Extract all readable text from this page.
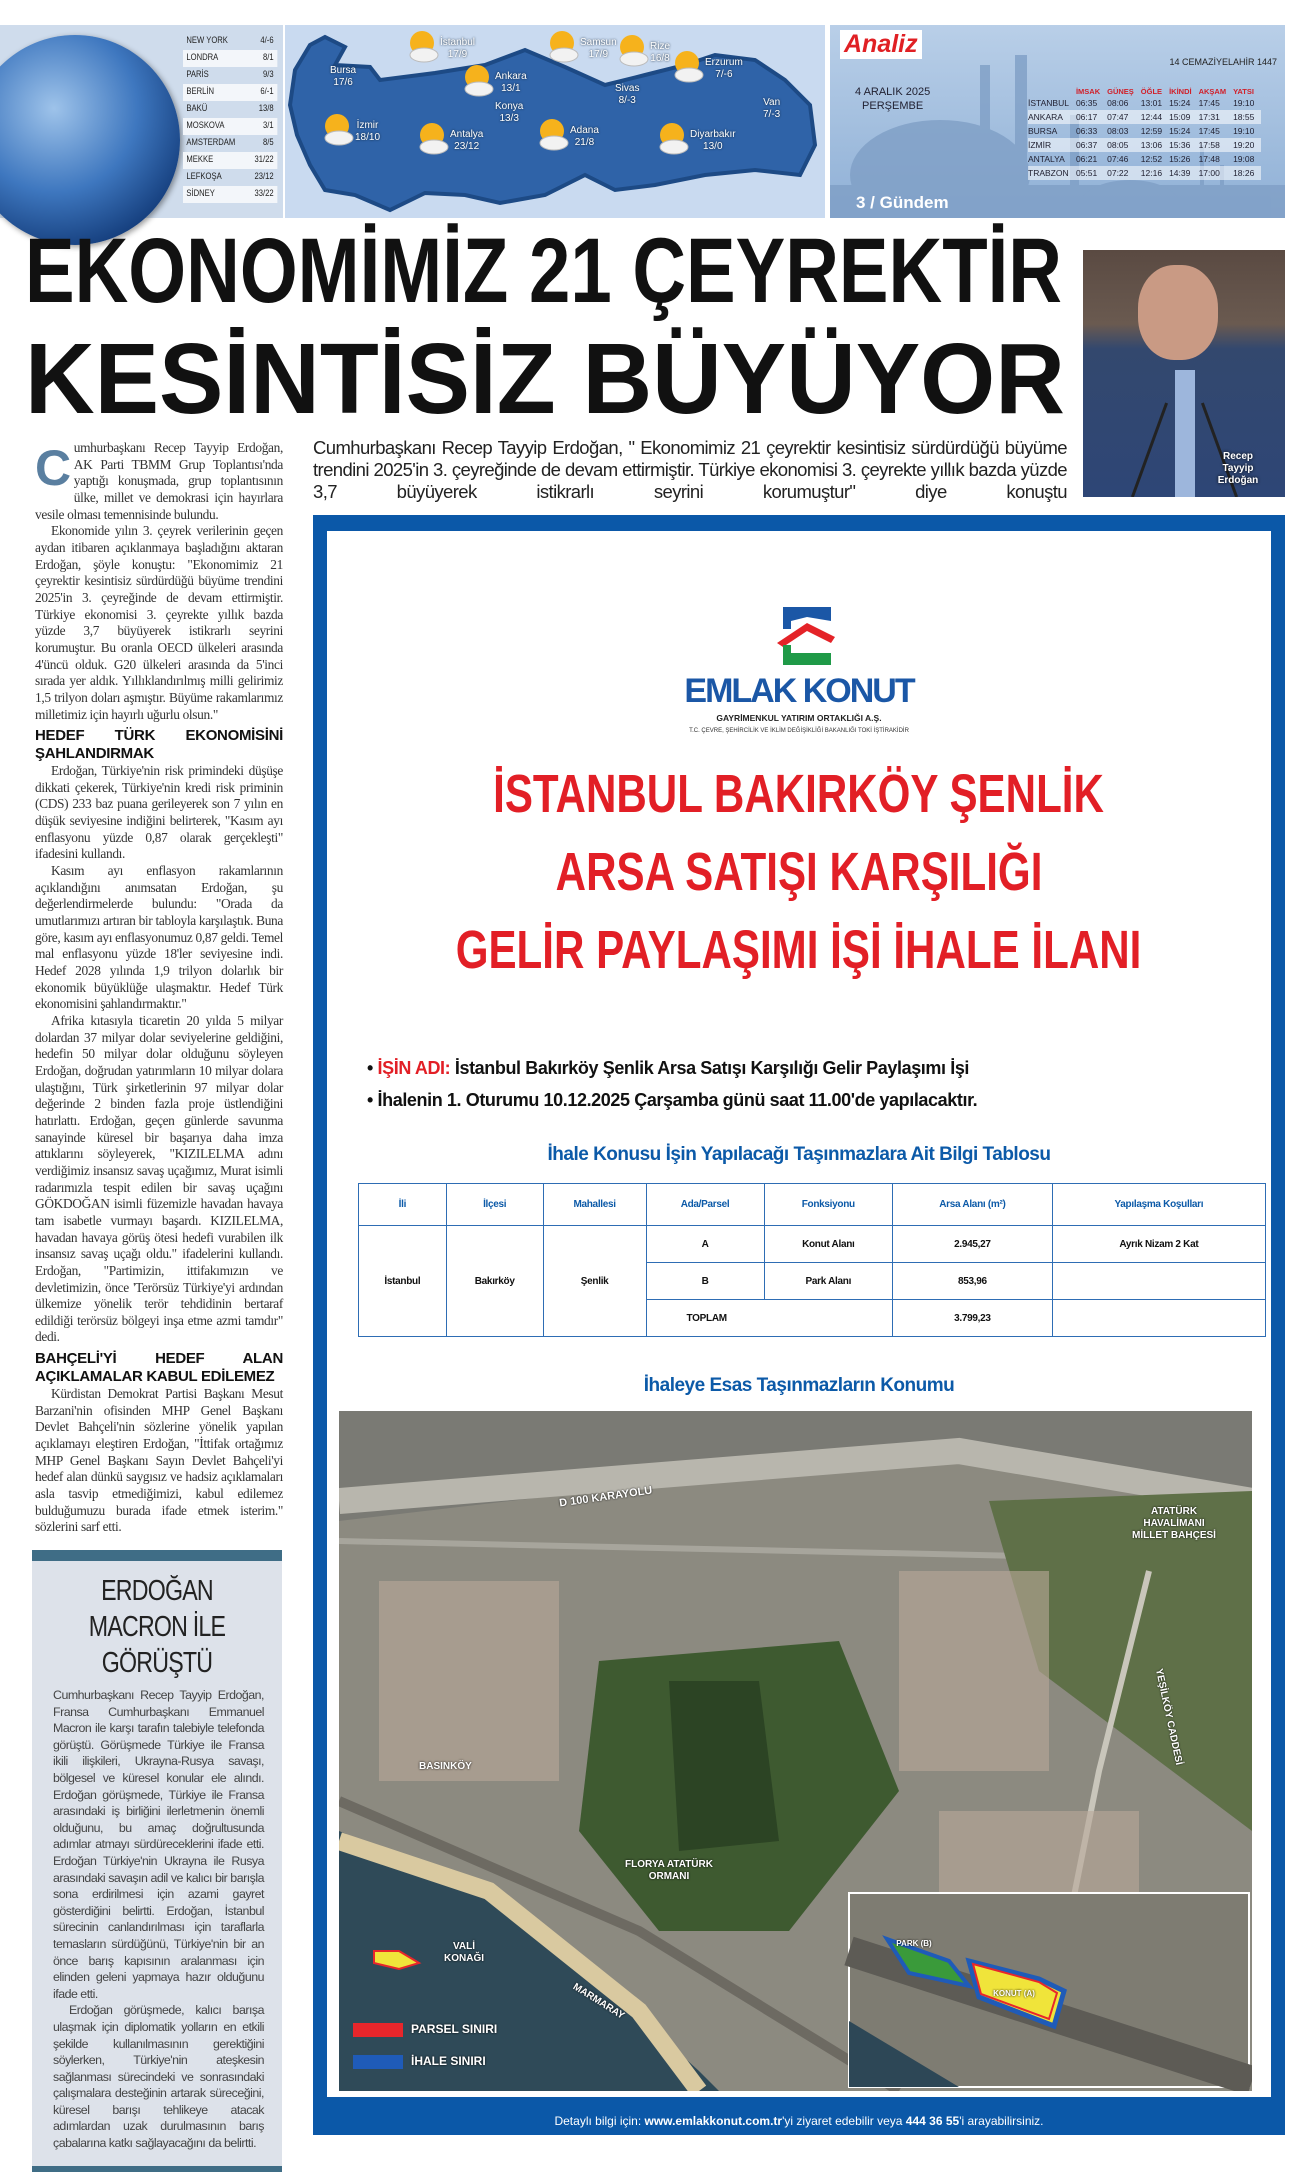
NEW YORK	4/-6
LONDRA	8/1
PARİS	9/3
BERLİN	6/-1
BAKÜ	13/8
MOSKOVA	3/1
AMSTERDAM	8/5
MEKKE	31/22
LEFKOŞA	23/12
SİDNEY	33/22
İstanbul
17/9
Samsun
17/9
Rize
16/8
Bursa
17/6
Ankara
13/1
Konya
13/3
Sivas
8/-3
Erzurum
7/-6
Van
7/-3
İzmir
18/10	Antalya
23/12
Adana
21/8
Diyarbakır
13/0
Analiz
4 ARALIK 2025
PERŞEMBE
3 / Gündem
14 CEMAZİYELAHİR 1447
	İMSAK	GÜNEŞ	ÖĞLE	İKİNDİ	AKŞAM	YATSI
İSTANBUL	06:35	08:06	13:01	15:24	17:45	19:10
ANKARA	06:17	07:47	12:44	15:09	17:31	18:55
BURSA	06:33	08:03	12:59	15:24	17:45	19:10
İZMİR	06:37	08:05	13:06	15:36	17:58	19:20
ANTALYA	06:21	07:46	12:52	15:26	17:48	19:08
TRABZON	05:51	07:22	12:16	14:39	17:00	18:26
EKONOMİMİZ 21 ÇEYREKTİR
KESİNTİSİZ BÜYÜYOR
Recep Tayyip Erdoğan
Cumhurbaşkanı Recep Tayyip Erdoğan, " Ekonomimiz 21 çeyrektir kesintisiz sürdürdüğü büyüme trendini 2025'in 3. çeyreğinde de devam ettirmiştir. Türkiye ekonomisi 3. çeyrekte yıllık bazda yüzde 3,7 büyüyerek istikrarlı seyrini korumuştur" diye konuştu

Cumhurbaşkanı Recep Tayyip Erdoğan, AK Parti TBMM Grup Toplantısı'nda yaptığı konuşmada, grup toplantısının ülke, millet ve demokrasi için hayırlara vesile olması temennisinde bulundu.

Ekonomide yılın 3. çeyrek verilerinin geçen aydan itibaren açıklanmaya başladığını aktaran Erdoğan, şöyle konuştu: "Ekonomimiz 21 çeyrektir kesintisiz sürdürdüğü büyüme trendini 2025'in 3. çeyreğinde de devam ettirmiştir. Türkiye ekonomisi 3. çeyrekte yıllık bazda yüzde 3,7 büyüyerek istikrarlı seyrini korumuştur. Bu oranla OECD ülkeleri arasında 4'üncü olduk. G20 ülkeleri arasında da 5'inci sırada yer aldık. Yıllıklandırılmış milli gelirimiz 1,5 trilyon doları aşmıştır. Büyüme rakamlarımız milletimiz için hayırlı uğurlu olsun."

HEDEF TÜRK EKONOMİSİNİ ŞAHLANDIRMAK

Erdoğan, Türkiye'nin risk primindeki düşüşe dikkati çekerek, Türkiye'nin kredi risk priminin (CDS) 233 baz puana gerileyerek son 7 yılın en düşük seviyesine indiğini belirterek, "Kasım ayı enflasyonu yüzde 0,87 olarak gerçekleşti" ifadesini kullandı.

Kasım ayı enflasyon rakamlarının açıklandığını anımsatan Erdoğan, şu değerlendirmelerde bulundu: "Orada da umutlarımızı artıran bir tabloyla karşılaştık. Buna göre, kasım ayı enflasyonumuz 0,87 geldi. Temel mal enflasyonu yüzde 18'ler seviyesine indi. Hedef 2028 yılında 1,9 trilyon dolarlık bir ekonomik büyüklüğe ulaşmaktır. Hedef Türk ekonomisini şahlandırmaktır."

Afrika kıtasıyla ticaretin 20 yılda 5 milyar dolardan 37 milyar dolar seviyelerine geldiğini, hedefin 50 milyar dolar olduğunu söyleyen Erdoğan, doğrudan yatırımların 10 milyar dolara ulaştığını, Türk şirketlerinin 97 milyar dolar değerinde 2 binden fazla proje üstlendiğini hatırlattı. Erdoğan, geçen günlerde savunma sanayinde küresel bir başarıya daha imza attıklarını söyleyerek, "KIZILELMA adını verdiğimiz insansız savaş uçağımız, Murat isimli radarımızla tespit edilen bir savaş uçağını GÖKDOĞAN isimli füzemizle havadan havaya tam isabetle vurmayı başardı. KIZILELMA, havadan havaya görüş ötesi hedefi vurabilen ilk insansız savaş uçağı oldu." ifadelerini kullandı. Erdoğan, "Partimizin, ittifakımızın ve devletimizin, önce 'Terörsüz Türkiye'yi ardından ülkemize yönelik terör tehdidinin bertaraf edildiği terörsüz bölgeyi inşa etme azmi tamdır" dedi.

BAHÇELİ'Yİ HEDEF ALAN AÇIKLAMALAR KABUL EDİLEMEZ

Kürdistan Demokrat Partisi Başkanı Mesut Barzani'nin ofisinden MHP Genel Başkanı Devlet Bahçeli'nin sözlerine yönelik yapılan açıklamayı eleştiren Erdoğan, "İttifak ortağımız MHP Genel Başkanı Sayın Devlet Bahçeli'yi hedef alan dünkü saygısız ve hadsiz açıklamaları asla tasvip etmediğimizi, kabul edilemez bulduğumuzu burada ifade etmek isterim." sözlerini sarf etti.

ERDOĞAN MACRON İLE GÖRÜŞTÜ

Cumhurbaşkanı Recep Tayyip Erdoğan, Fransa Cumhurbaşkanı Emmanuel Macron ile karşı tarafın talebiyle telefonda görüştü. Görüşmede Türkiye ile Fransa ikili ilişkileri, Ukrayna-Rusya savaşı, bölgesel ve küresel konular ele alındı. Erdoğan görüşmede, Türkiye ile Fransa arasındaki iş birliğini ilerletmenin önemli olduğunu, bu amaç doğrultusunda adımlar atmayı sürdüreceklerini ifade etti. Erdoğan Türkiye'nin Ukrayna ile Rusya arasındaki savaşın adil ve kalıcı bir barışla sona erdirilmesi için azami gayret gösterdiğini belirtti. Erdoğan, İstanbul sürecinin canlandırılması için taraflarla temasların sürdüğünü, Türkiye'nin bir an önce barış kapısının aralanması için elinden geleni yapmaya hazır olduğunu ifade etti.

Erdoğan görüşmede, kalıcı barışa ulaşmak için diplomatik yolların en etkili şekilde kullanılmasının gerektiğini söylerken, Türkiye'nin ateşkesin sağlanması sürecindeki ve sonrasındaki çalışmalara desteğinin artarak süreceğini, küresel barışı tehlikeye atacak adımlardan uzak durulmasının barış çabalarına katkı sağlayacağını da belirtti.

EMLAK KONUT
GAYRİMENKUL YATIRIM ORTAKLIĞI A.Ş.
T.C. ÇEVRE, ŞEHİRCİLİK VE İKLİM DEĞİŞİKLİĞİ BAKANLIĞI TOKİ İŞTİRAKİDİR
İSTANBUL BAKIRKÖY ŞENLİK
ARSA SATIŞI KARŞILIĞI
GELİR PAYLAŞIMI İŞİ İHALE İLANI
• İŞİN ADI: İstanbul Bakırköy Şenlik Arsa Satışı Karşılığı Gelir Paylaşımı İşi
• İhalenin 1. Oturumu 10.12.2025 Çarşamba günü saat 11.00'de yapılacaktır.
İhale Konusu İşin Yapılacağı Taşınmazlara Ait Bilgi Tablosu
İli	İlçesi	Mahallesi	Ada/Parsel	Fonksiyonu	Arsa Alanı (m²)	Yapılaşma Koşulları
İstanbul	Bakırköy	Şenlik	A	Konut Alanı	2.945,27	Ayrık Nizam 2 Kat
			B	Park Alanı	853,96	
			TOPLAM		3.799,23	
İhaleye Esas Taşınmazların Konumu
D 100 KARAYOLU
ATATÜRK HAVALİMANI MİLLET BAHÇESİ
YEŞİLKÖY CADDESİ
BASINKÖY
FLORYA ATATÜRK ORMANI
VALİ KONAĞI
MARMARAY
PARK (B)
KONUT (A)
PARSEL SINIRI
İHALE SINIRI
Detaylı bilgi için: www.emlakkonut.com.tr'yi ziyaret edebilir veya 444 36 55'i arayabilirsiniz.
